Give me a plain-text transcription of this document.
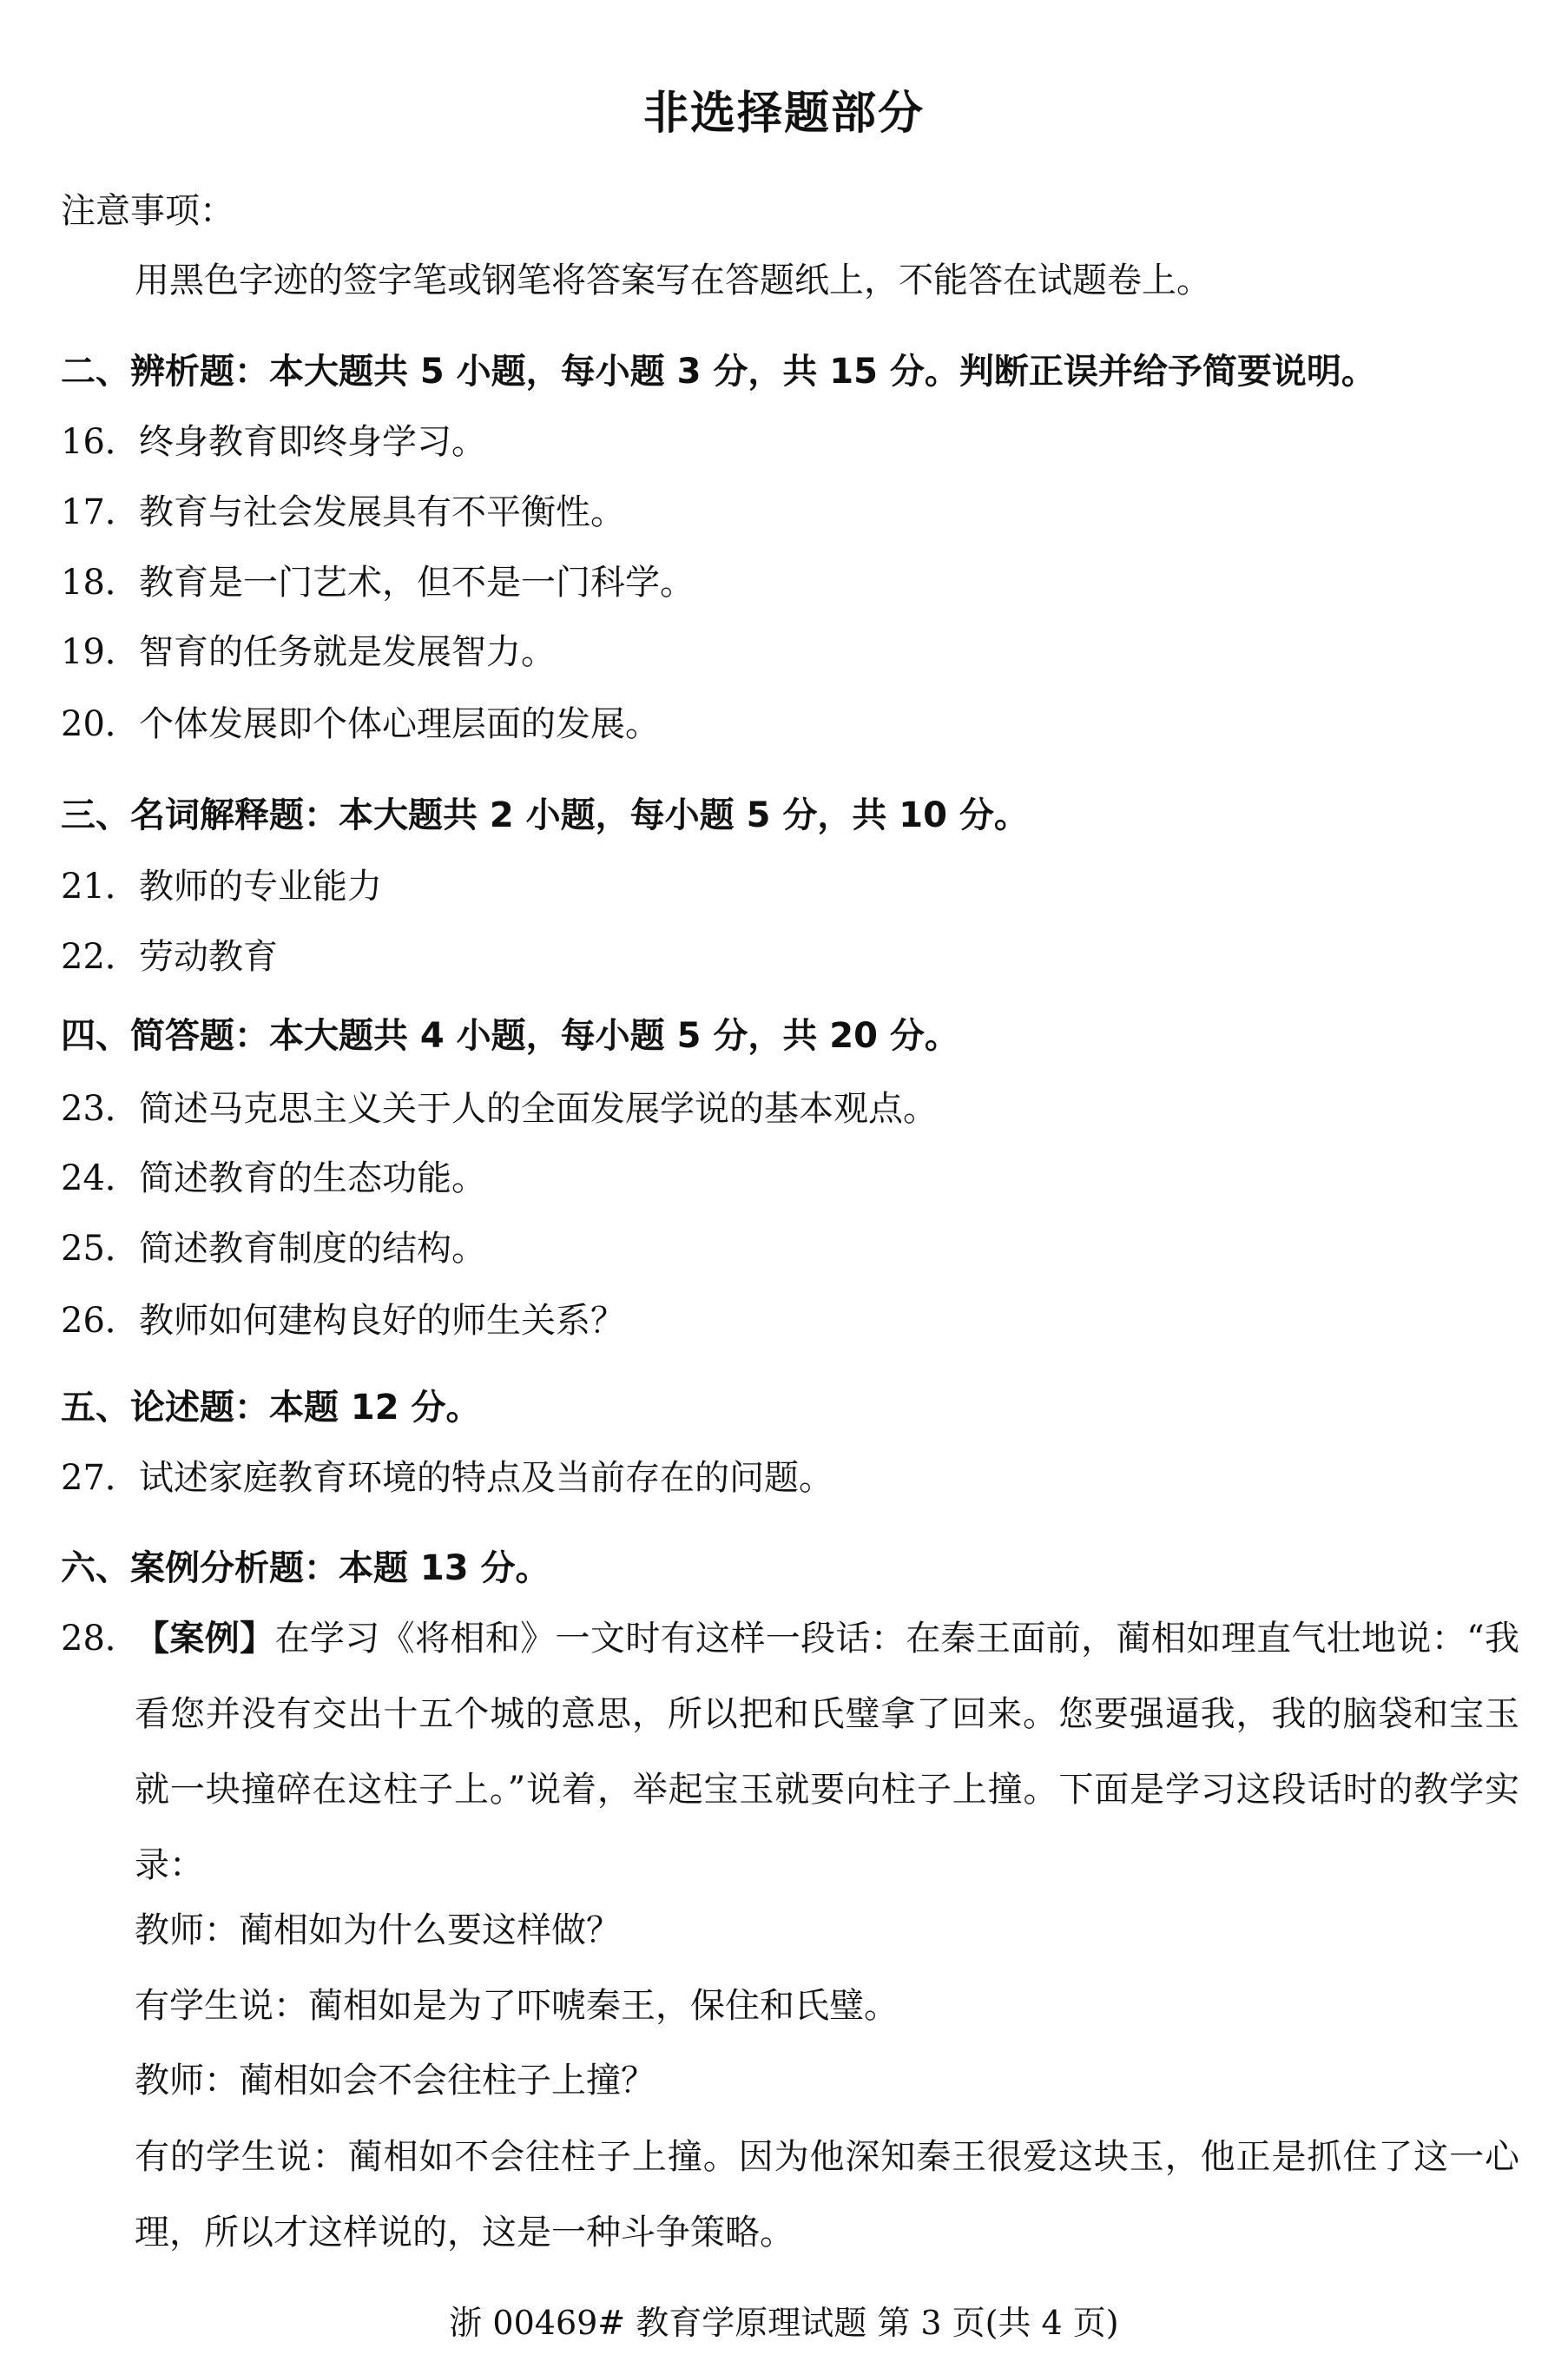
非选择题部分
注意事项：
用黑色字迹的签字笔或钢笔将答案写在答题纸上，不能答在试题卷上。
二、辨析题：本大题共 5 小题，每小题 3 分，共 15 分。判断正误并给予简要说明。
16． 终身教育即终身学习。
17． 教育与社会发展具有不平衡性。
18． 教育是一门艺术，但不是一门科学。
19． 智育的任务就是发展智力。
20． 个体发展即个体心理层面的发展。
三、名词解释题：本大题共 2 小题，每小题 5 分，共 10 分。
21． 教师的专业能力
22． 劳动教育
四、简答题：本大题共 4 小题，每小题 5 分，共 20 分。
23． 简述马克思主义关于人的全面发展学说的基本观点。
24． 简述教育的生态功能。
25． 简述教育制度的结构。
26． 教师如何建构良好的师生关系？
五、论述题：本题 12 分。
27． 试述家庭教育环境的特点及当前存在的问题。
六、案例分析题：本题 13 分。
28．
【案例】在学习《将相和》一文时有这样一段话：在秦王面前，蔺相如理直气壮地说：“我看您并没有交出十五个城的意思，所以把和氏璧拿了回来。您要强逼我，我的脑袋和宝玉就一块撞碎在这柱子上。”说着，举起宝玉就要向柱子上撞。下面是学习这段话时的教学实录：
教师：蔺相如为什么要这样做？
有学生说：蔺相如是为了吓唬秦王，保住和氏璧。
教师：蔺相如会不会往柱子上撞？
有的学生说：蔺相如不会往柱子上撞。因为他深知秦王很爱这块玉，他正是抓住了这一心理，所以才这样说的，这是一种斗争策略。
浙 00469# 教育学原理试题 第 3 页(共 4 页)
